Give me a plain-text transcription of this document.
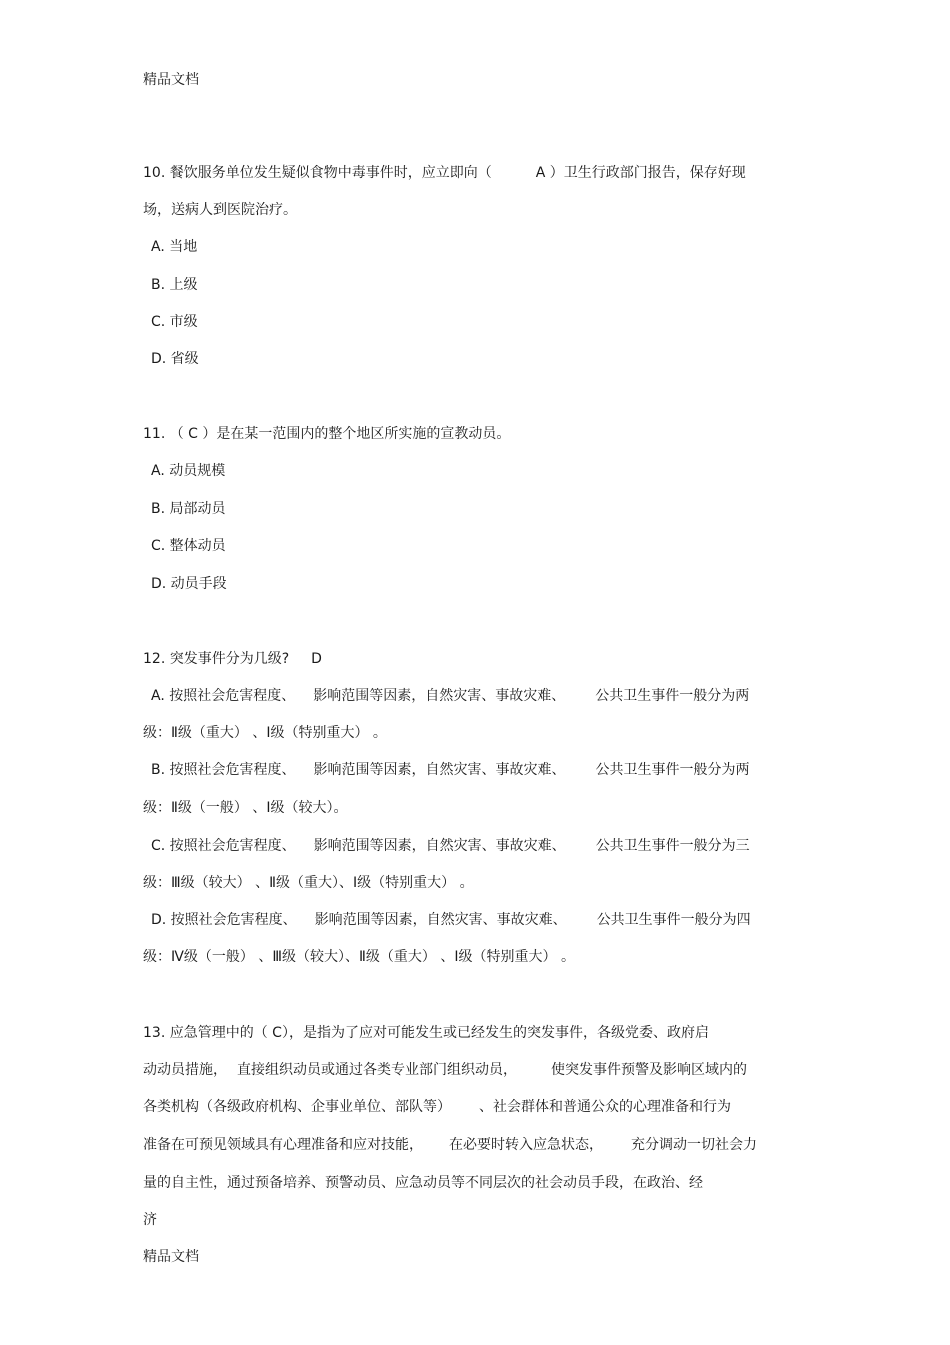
精品文档
10. 餐饮服务单位发生疑似食物中毒事件时，应立即向（	A ）卫生行政部门报告，保存好现
场，送病人到医院治疗。
A. 当地
B. 上级
C. 市级
D. 省级
11. （ C ）是在某一范围内的整个地区所实施的宣教动员。
A. 动员规模
B. 局部动员
C. 整体动员
D. 动员手段
12. 突发事件分为几级? D
A. 按照社会危害程度、 影响范围等因素，自然灾害、事故灾难、 公共卫生事件一般分为两
级：Ⅱ级（重大） 、Ⅰ级（特别重大） 。
B. 按照社会危害程度、 影响范围等因素，自然灾害、事故灾难、 公共卫生事件一般分为两
级：Ⅱ级（一般） 、Ⅰ级（较大）。
C. 按照社会危害程度、 影响范围等因素，自然灾害、事故灾难、 公共卫生事件一般分为三
级：Ⅲ级（较大） 、Ⅱ级（重大）、Ⅰ级（特别重大） 。
D. 按照社会危害程度、 影响范围等因素，自然灾害、事故灾难、 公共卫生事件一般分为四
级：Ⅳ级（一般） 、Ⅲ级（较大）、Ⅱ级（重大） 、Ⅰ级（特别重大） 。
13. 应急管理中的（ C），是指为了应对可能发生或已经发生的突发事件，各级党委、政府启
动动员措施， 直接组织动员或通过各类专业部门组织动员， 使突发事件预警及影响区域内的
各类机构（各级政府机构、企事业单位、部队等） 、社会群体和普通公众的心理准备和行为
准备在可预见领域具有心理准备和应对技能， 在必要时转入应急状态， 充分调动一切社会力
量的自主性，通过预备培养、预警动员、应急动员等不同层次的社会动员手段，在政治、经
济
精品文档
